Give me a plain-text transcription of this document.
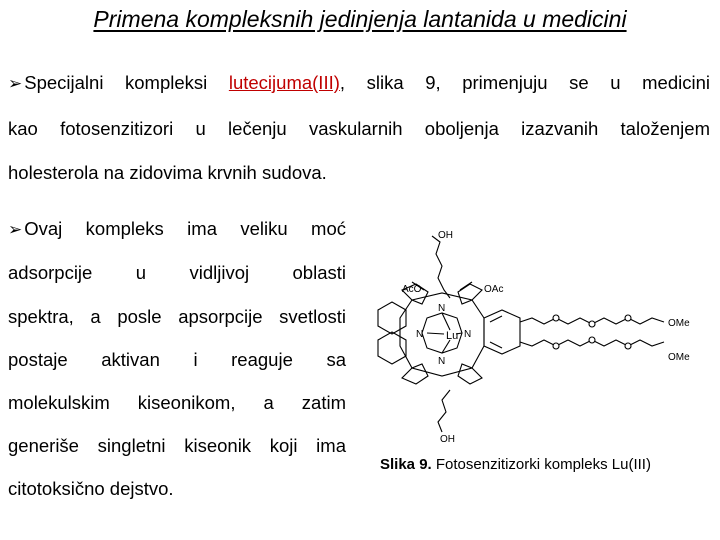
Primena kompleksnih jedinjenja lantanida u medicini
➢ Specijalni kompleksi lutecijuma(III), slika 9, primenjuju se u medicini
kao fotosenzitizori u lečenju vaskularnih oboljenja izazvanih taloženjem
holesterola na zidovima krvnih sudova.
➢ Ovaj kompleks ima veliku moć
adsorpcije u vidljivoj oblasti
spektra, a posle apsorpcije svetlosti
postaje aktivan i reaguje sa
molekulskim kiseonikom, a zatim
generiše singletni kiseonik koji ima
citotoksično dejstvo.
OH
OH
AcO	OAc
OMe
OMe
Lu
N
N	N
N
Slika 9. Fotosenzitizorki kompleks Lu(III)
